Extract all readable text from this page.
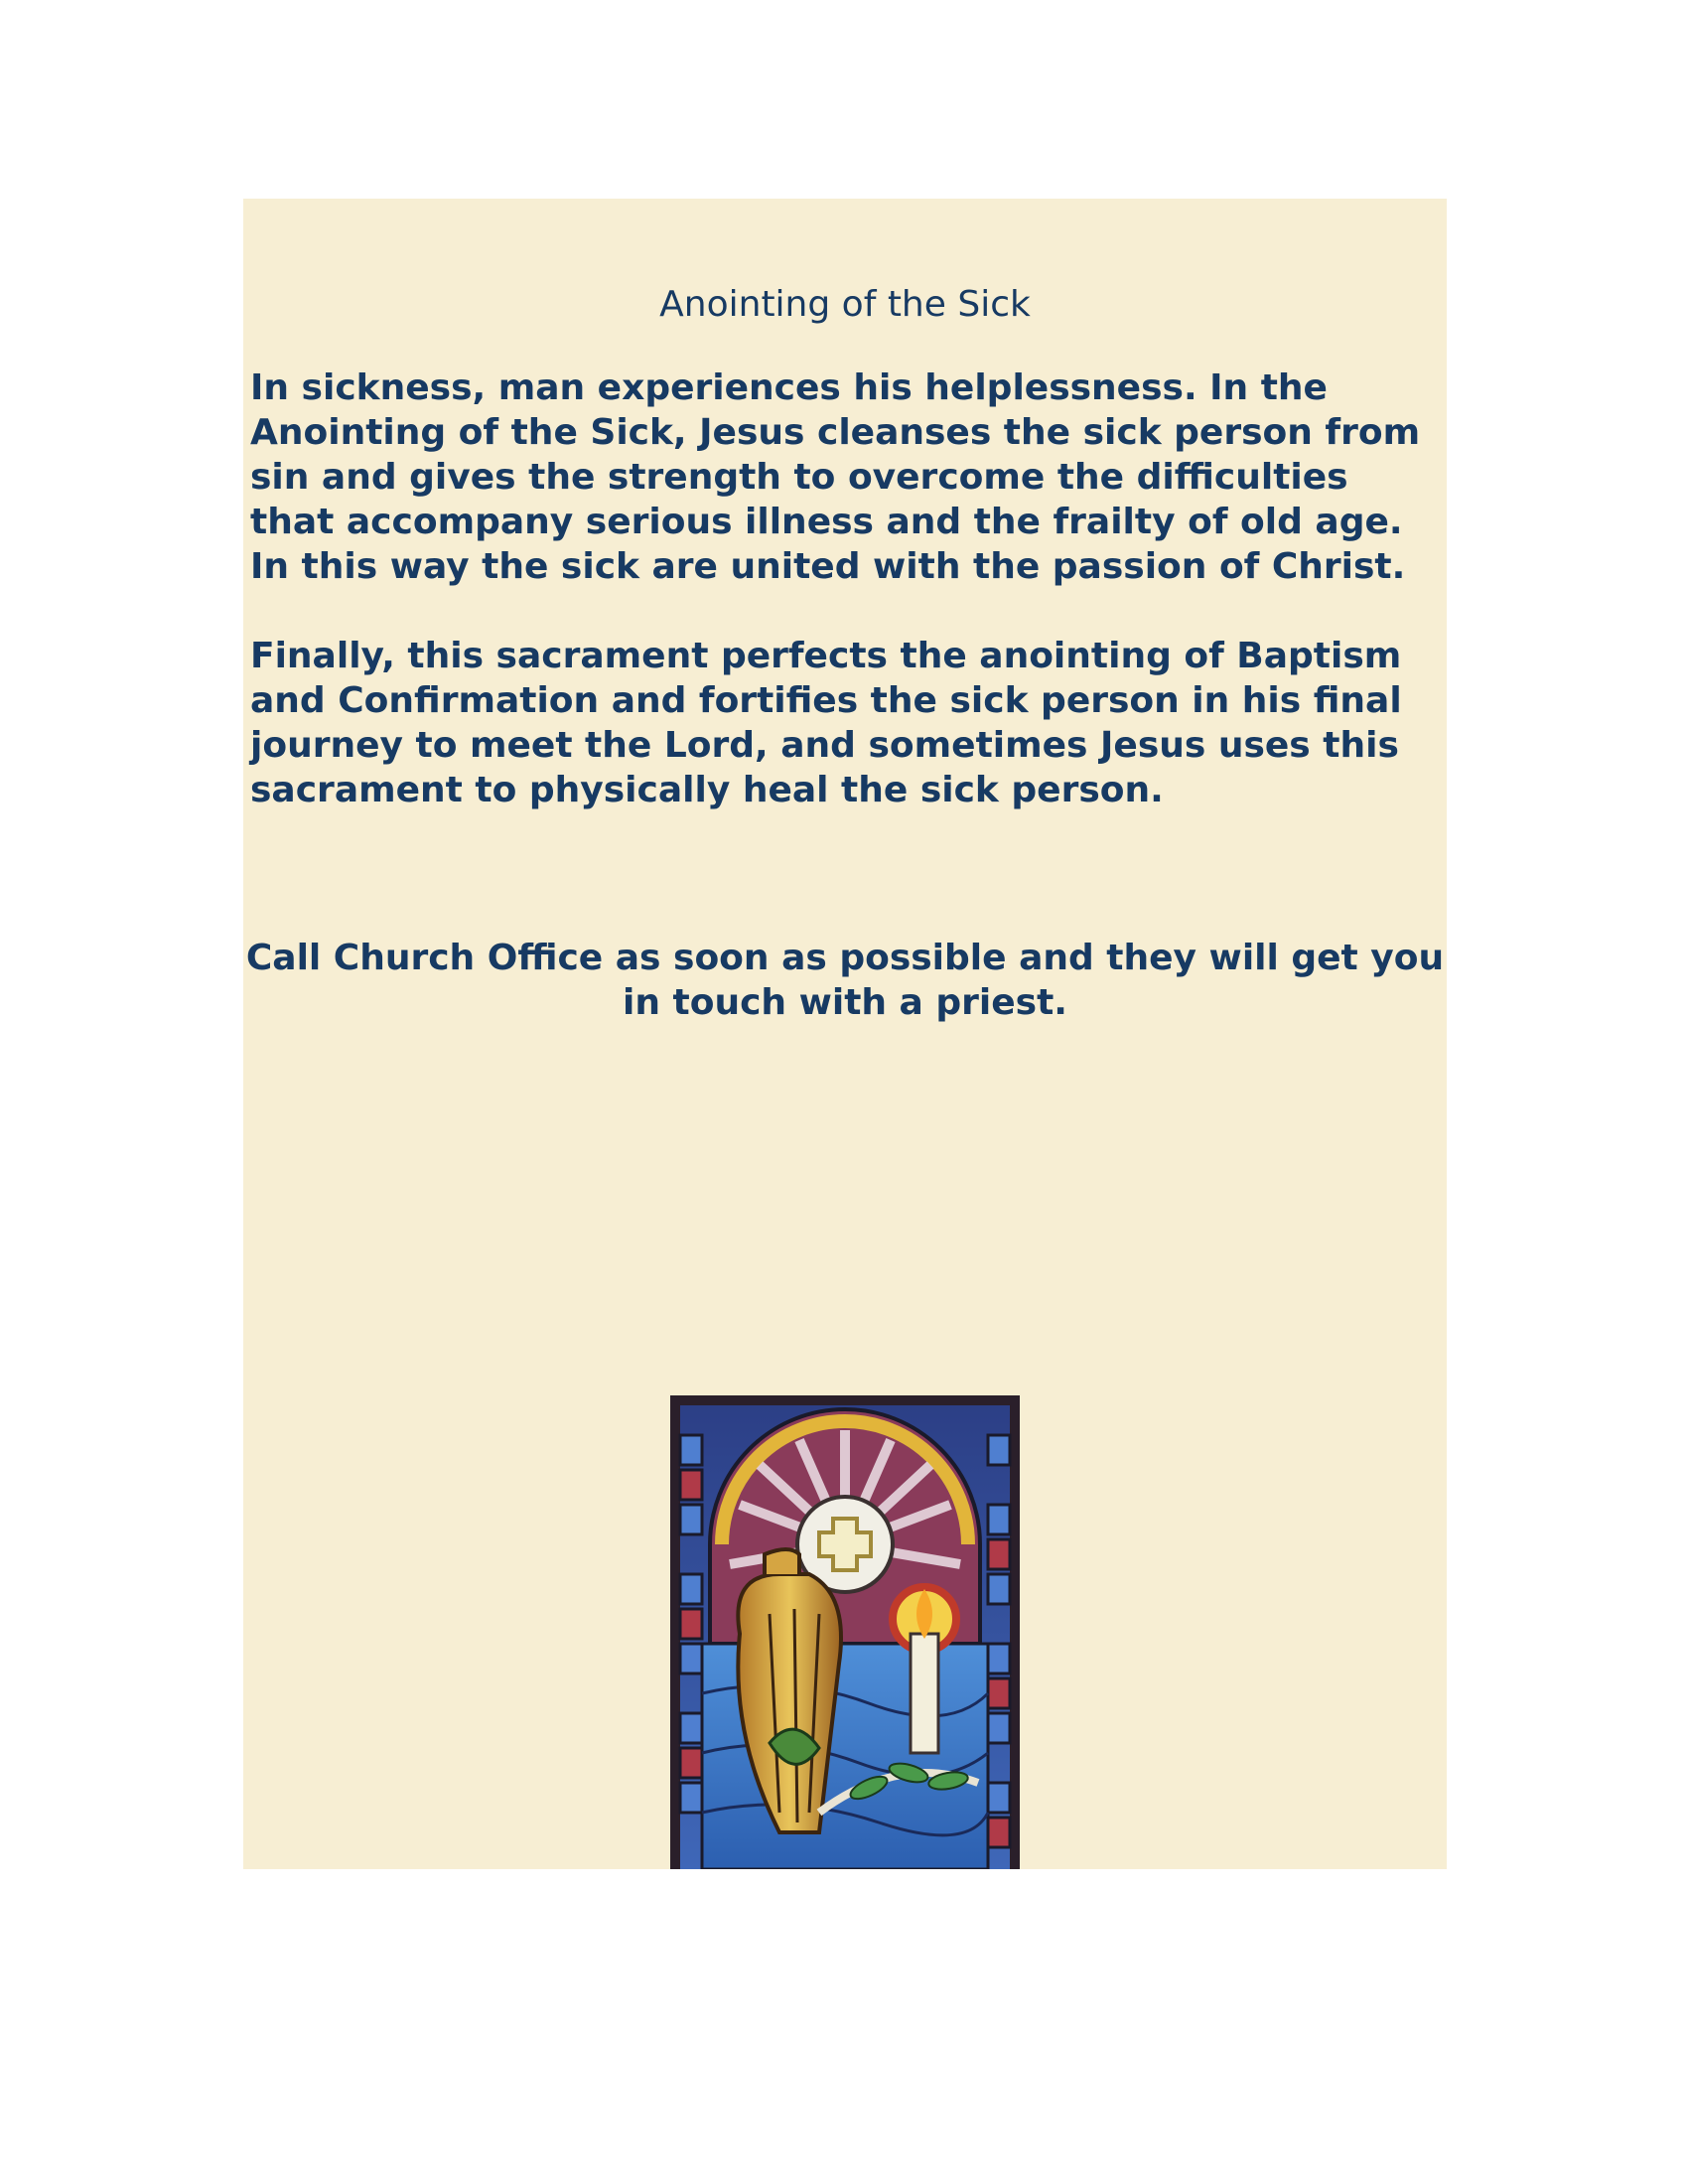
Anointing of the Sick

In sickness, man experiences his helplessness. In the Anointing of the Sick, Jesus cleanses the sick person from sin and gives the strength to overcome the difficulties that accompany serious illness and the frailty of old age. In this way the sick are united with the passion of Christ.

Finally, this sacrament perfects the anointing of Baptism and Confirmation and fortifies the sick person in his final journey to meet the Lord, and sometimes Jesus uses this sacrament to physically heal the sick person.

Call Church Office as soon as possible and they will get you in touch with a priest.
